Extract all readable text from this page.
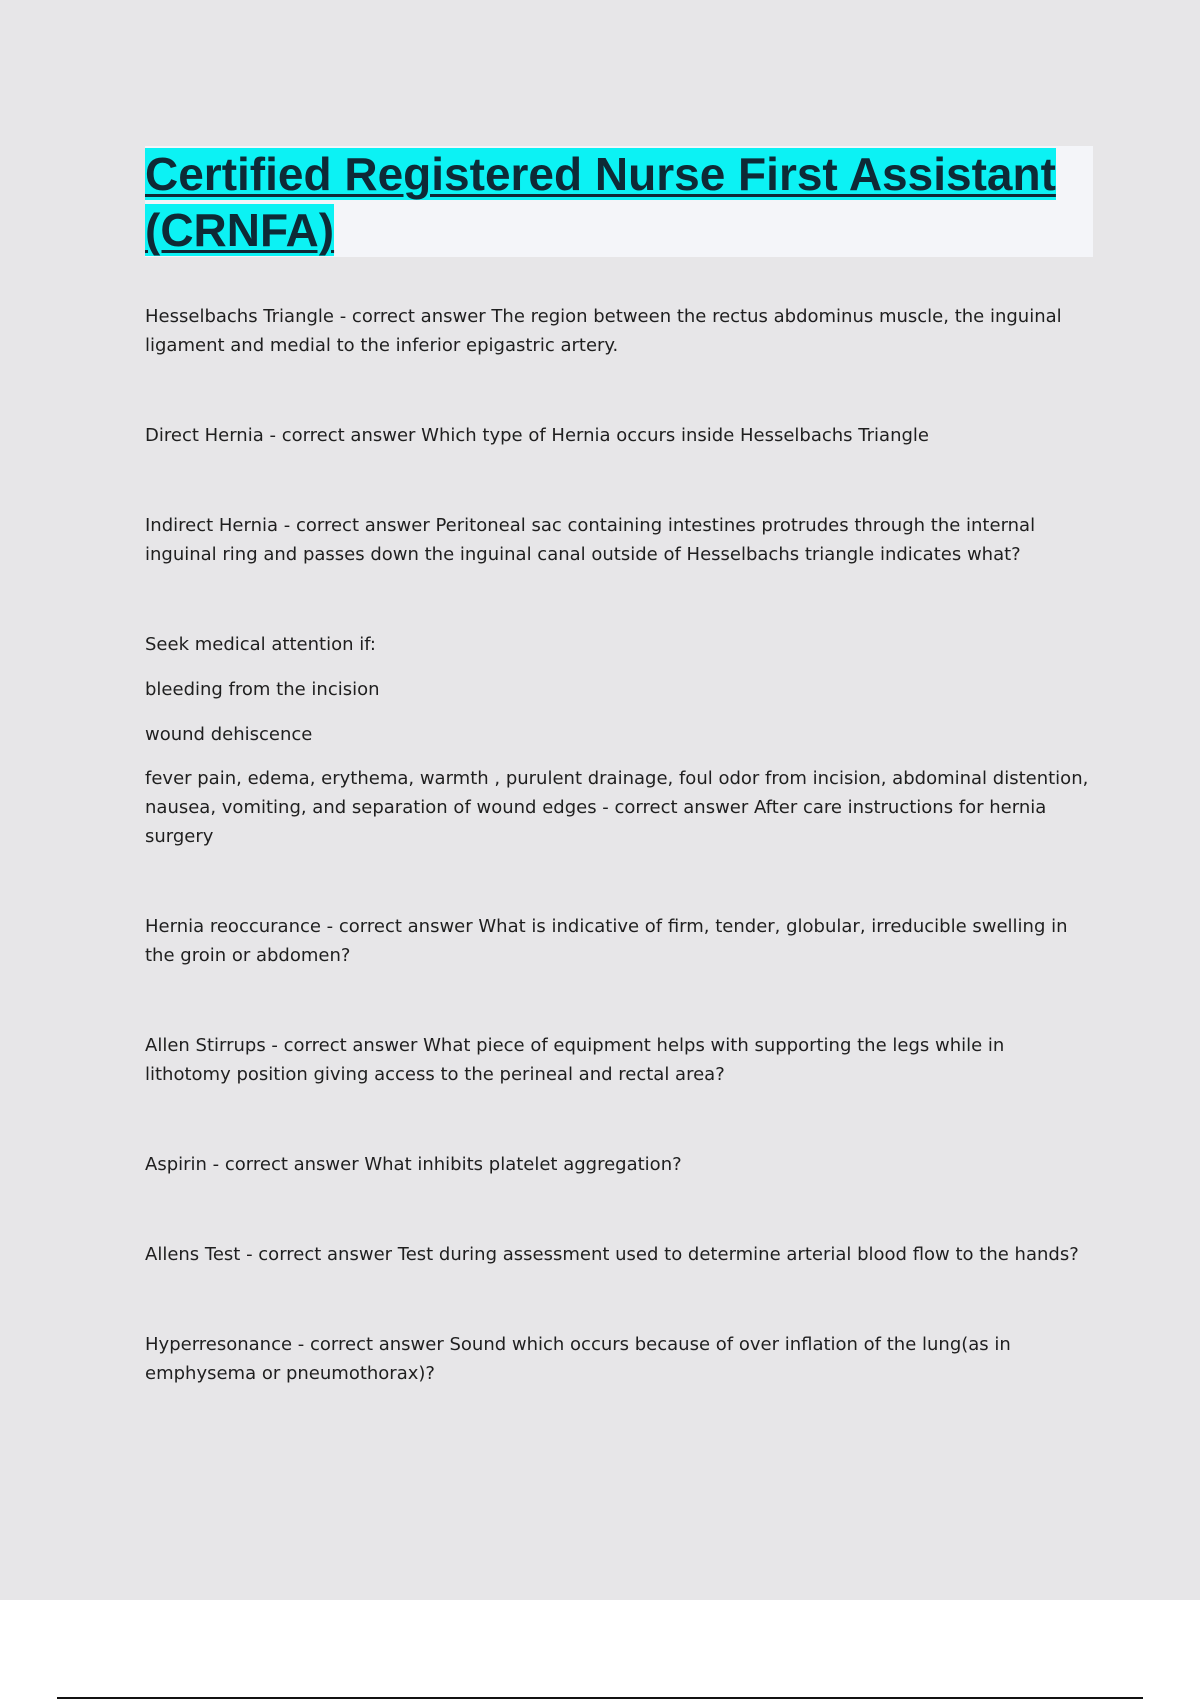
Certified Registered Nurse First Assistant (CRNFA)

Hesselbachs Triangle - correct answer The region between the rectus abdominus muscle, the inguinal ligament and medial to the inferior epigastric artery.

Direct Hernia - correct answer Which type of Hernia occurs inside Hesselbachs Triangle

Indirect Hernia - correct answer Peritoneal sac containing intestines protrudes through the internal inguinal ring and passes down the inguinal canal outside of Hesselbachs triangle indicates what?

Seek medical attention if:

bleeding from the incision

wound dehiscence

fever pain, edema, erythema, warmth , purulent drainage, foul odor from incision, abdominal distention, nausea, vomiting, and separation of wound edges - correct answer After care instructions for hernia surgery

Hernia reoccurance - correct answer What is indicative of firm, tender, globular, irreducible swelling in the groin or abdomen?

Allen Stirrups - correct answer What piece of equipment helps with supporting the legs while in lithotomy position giving access to the perineal and rectal area?

Aspirin - correct answer What inhibits platelet aggregation?

Allens Test - correct answer Test during assessment used to determine arterial blood flow to the hands?

Hyperresonance - correct answer Sound which occurs because of over inflation of the lung(as in emphysema or pneumothorax)?
